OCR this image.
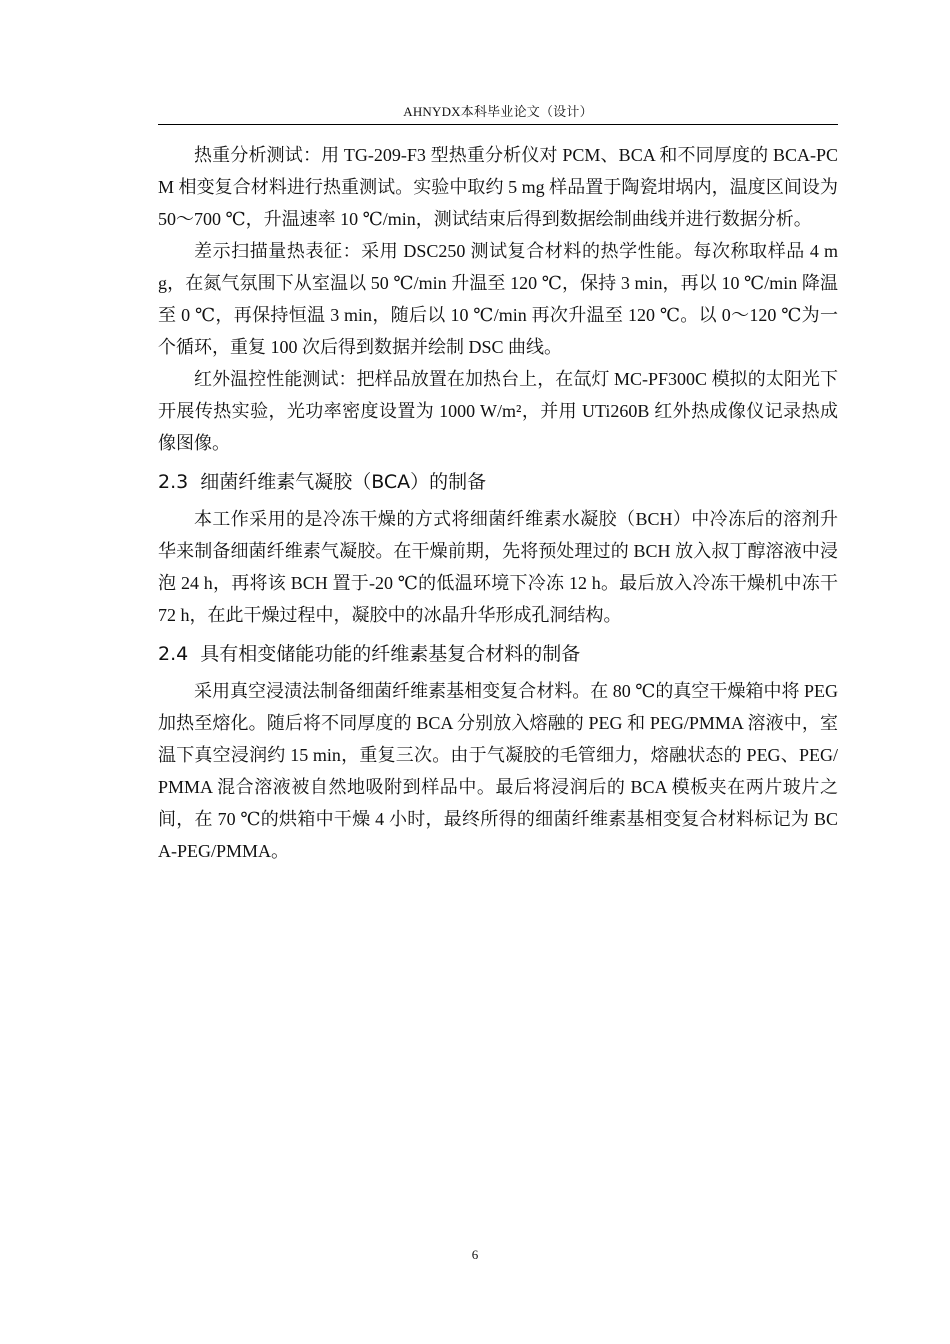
AHNYDX本科毕业论文（设计）

热重分析测试：用 TG-209-F3 型热重分析仪对 PCM、BCA 和不同厚度的 BCA-PCM 相变复合材料进行热重测试。实验中取约 5 mg 样品置于陶瓷坩埚内，温度区间设为 50～700 ℃，升温速率 10 ℃/min，测试结束后得到数据绘制曲线并进行数据分析。

差示扫描量热表征：采用 DSC250 测试复合材料的热学性能。每次称取样品 4 mg，在氮气氛围下从室温以 50 ℃/min 升温至 120 ℃，保持 3 min，再以 10 ℃/min 降温至 0 ℃，再保持恒温 3 min，随后以 10 ℃/min 再次升温至 120 ℃。以 0～120 ℃为一个循环，重复 100 次后得到数据并绘制 DSC 曲线。

红外温控性能测试：把样品放置在加热台上，在氙灯 MC-PF300C 模拟的太阳光下开展传热实验，光功率密度设置为 1000 W/m²，并用 UTi260B 红外热成像仪记录热成像图像。

2.3 细菌纤维素气凝胶（BCA）的制备

本工作采用的是冷冻干燥的方式将细菌纤维素水凝胶（BCH）中冷冻后的溶剂升华来制备细菌纤维素气凝胶。在干燥前期，先将预处理过的 BCH 放入叔丁醇溶液中浸泡 24 h，再将该 BCH 置于-20 ℃的低温环境下冷冻 12 h。最后放入冷冻干燥机中冻干 72 h，在此干燥过程中，凝胶中的冰晶升华形成孔洞结构。

2.4 具有相变储能功能的纤维素基复合材料的制备

采用真空浸渍法制备细菌纤维素基相变复合材料。在 80 ℃的真空干燥箱中将 PEG 加热至熔化。随后将不同厚度的 BCA 分别放入熔融的 PEG 和 PEG/PMMA 溶液中，室温下真空浸润约 15 min，重复三次。由于气凝胶的毛管细力，熔融状态的 PEG、PEG/PMMA 混合溶液被自然地吸附到样品中。最后将浸润后的 BCA 模板夹在两片玻片之间，在 70 ℃的烘箱中干燥 4 小时，最终所得的细菌纤维素基相变复合材料标记为 BCA-PEG/PMMA。

6
